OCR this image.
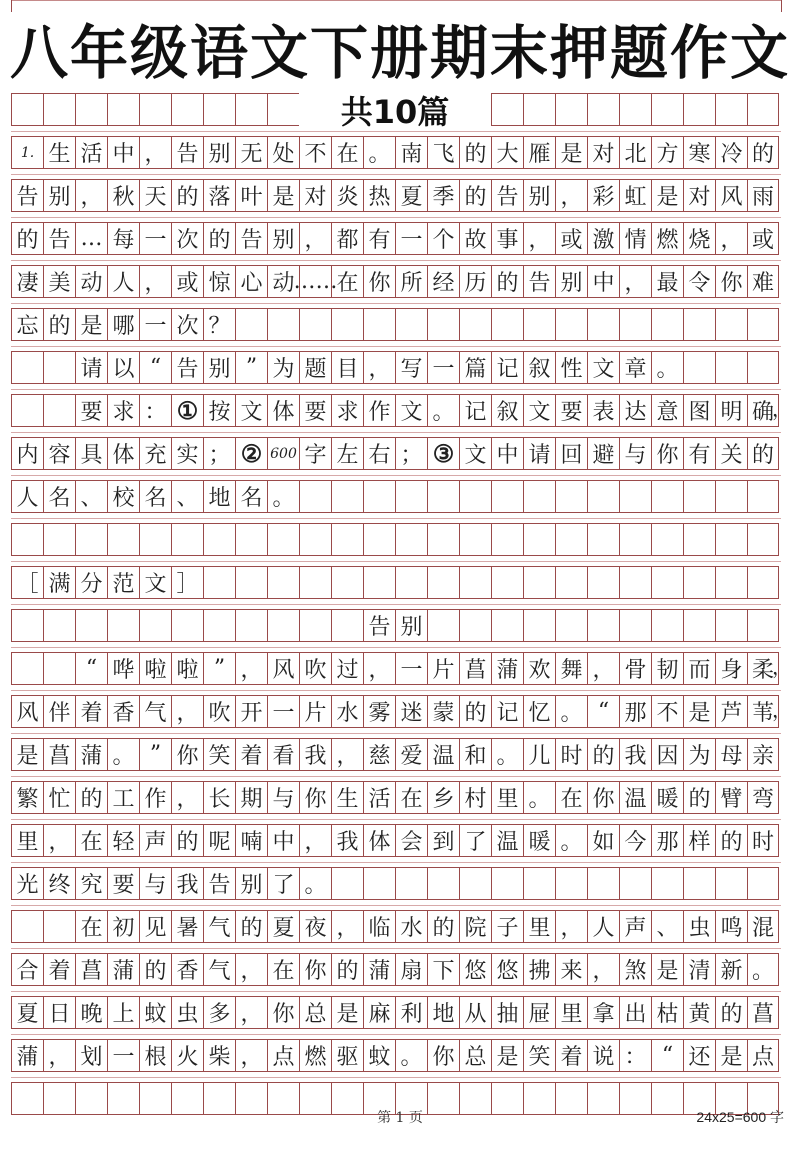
八年级语文下册期末押题作文
1. 生 活 中 ， 告 别 无 处 不 在 。 南 飞 的 大 雁 是 对 北 方 寒 冷 的
告 别 ， 秋 天 的 落 叶 是 对 炎 热 夏 季 的 告 别 ， 彩 虹 是 对 风 雨
的 告 … 每 一 次 的 告 别 ， 都 有 一 个 故 事 ， 或 激 情 燃 烧 ， 或
凄 美 动 人 ， 或 惊 心 动 ……
在 你 所 经 历 的 告 别 中 ， 最 令 你 难
忘 的 是 哪 一 次 ？
请 以 “ 告 别 ” 为 题 目 ， 写 一 篇 记 叙 性 文 章 。
要 求 ： ① 按 文 体 要 求 作 文 。 记 叙 文 要 表 达 意 图 明 确
，
内 容 具 体 充 实 ； ② 600 字 左 右 ； ③ 文 中 请 回 避 与 你 有 关 的
人 名 、 校 名 、 地 名 。
［ 满 分 范 文 ］
告 别
“ 哗 啦 啦 ” ， 风 吹 过 ， 一 片 菖 蒲 欢 舞 ， 骨 韧 而 身 柔
，
风 伴 着 香 气 ， 吹 开 一 片 水 雾 迷 蒙 的 记 忆 。 “ 那 不 是 芦 苇
，
是 菖 蒲 。 ” 你 笑 着 看 我 ， 慈 爱 温 和 。 儿 时 的 我 因 为 母 亲
繁 忙 的 工 作 ， 长 期 与 你 生 活 在 乡 村 里 。 在 你 温 暖 的 臂 弯
里 ， 在 轻 声 的 呢 喃 中 ， 我 体 会 到 了 温 暖 。 如 今 那 样 的 时
光 终 究 要 与 我 告 别 了 。
在 初 见 暑 气 的 夏 夜 ， 临 水 的 院 子 里 ， 人 声 、 虫 鸣 混
合 着 菖 蒲 的 香 气 ， 在 你 的 蒲 扇 下 悠 悠 拂 来 ， 煞 是 清 新 。
夏 日 晚 上 蚊 虫 多 ， 你 总 是 麻 利 地 从 抽 屉 里 拿 出 枯 黄 的 菖
蒲 ， 划 一 根 火 柴 ， 点 燃 驱 蚊 。 你 总 是 笑 着 说 ： “ 还 是 点
共10篇
第 1 页	24x25=600 字
